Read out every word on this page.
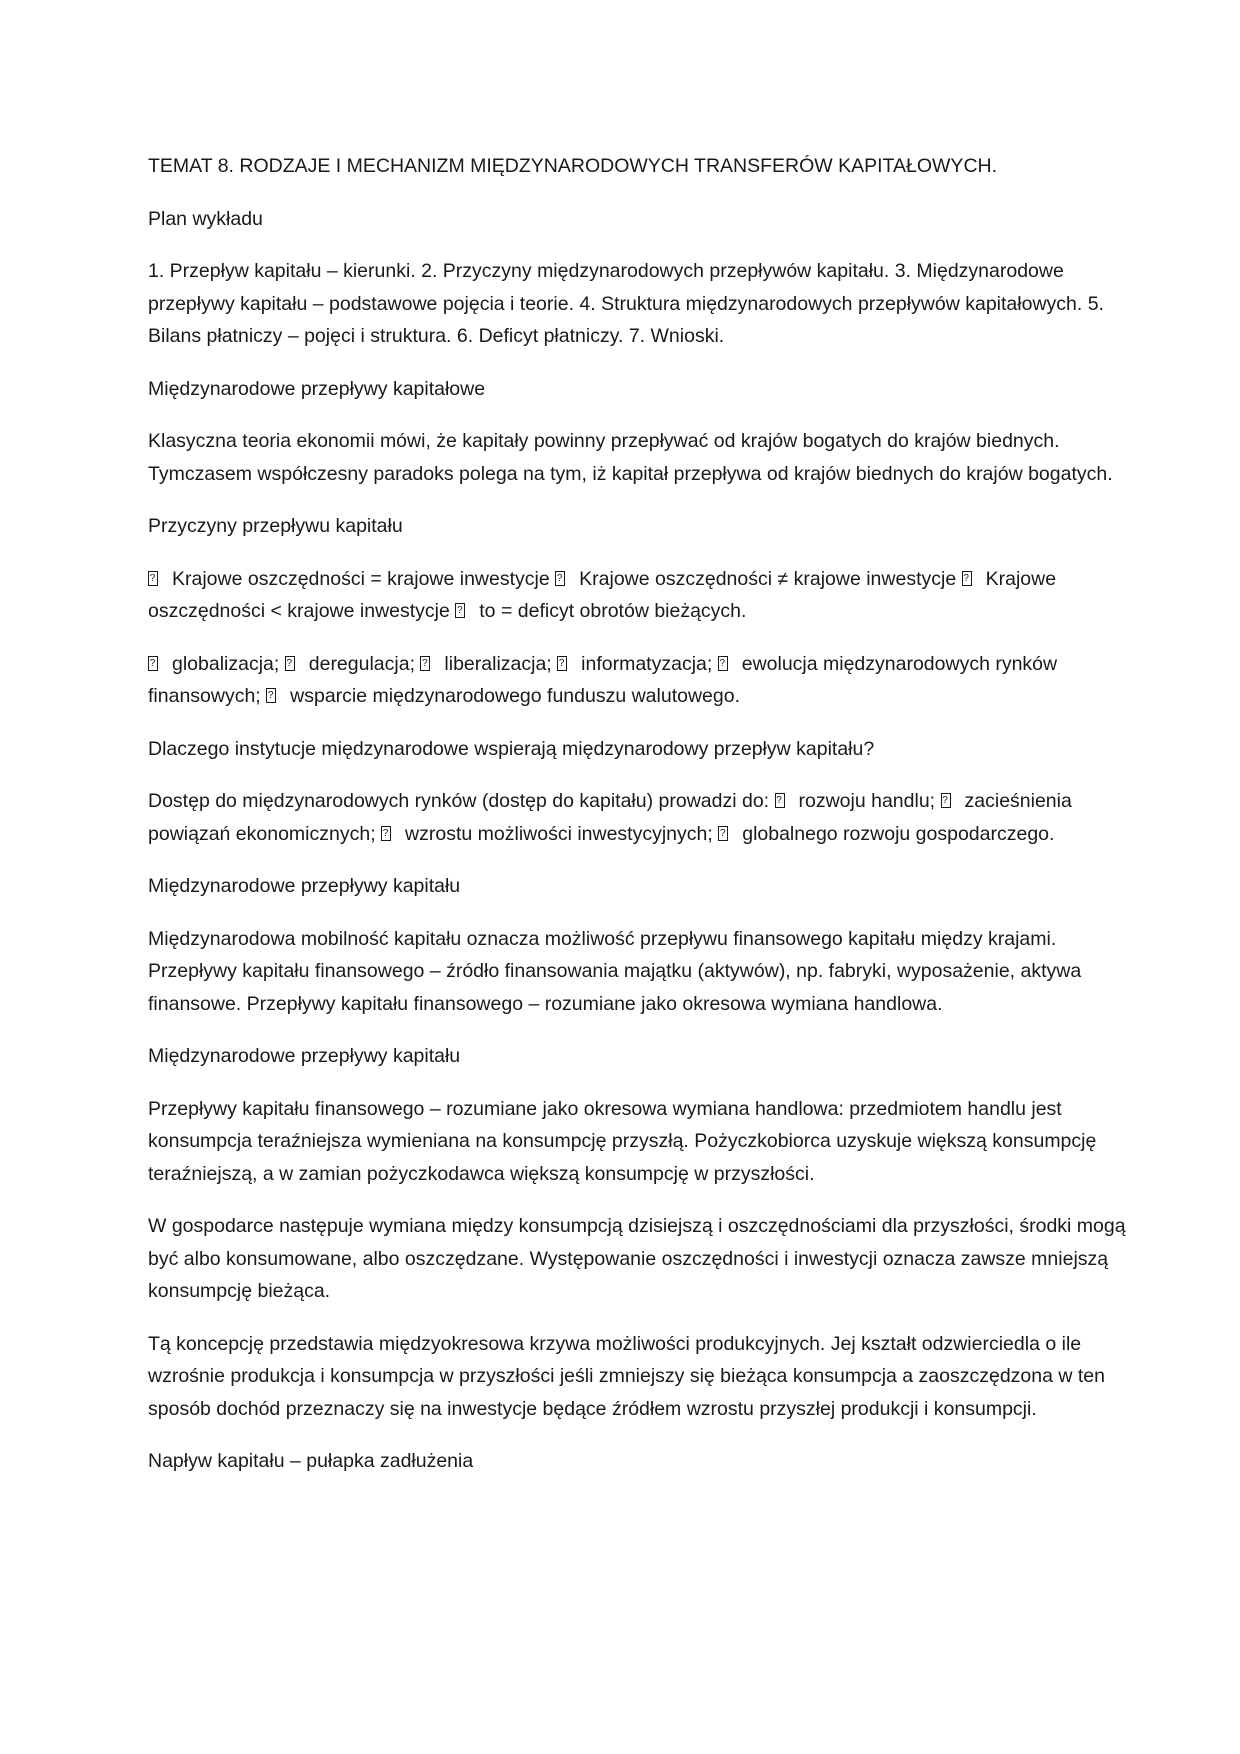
TEMAT 8. RODZAJE I MECHANIZM MIĘDZYNARODOWYCH TRANSFERÓW KAPITAŁOWYCH.

Plan wykładu

1. Przepływ kapitału – kierunki. 2. Przyczyny międzynarodowych przepływów kapitału. 3. Międzynarodowe przepływy kapitału – podstawowe pojęcia i teorie. 4. Struktura międzynarodowych przepływów kapitałowych. 5. Bilans płatniczy – pojęci i struktura. 6. Deficyt płatniczy. 7. Wnioski.

Międzynarodowe przepływy kapitałowe

Klasyczna teoria ekonomii mówi, że kapitały powinny przepływać od krajów bogatych do krajów biednych. Tymczasem współczesny paradoks polega na tym, iż kapitał przepływa od krajów biednych do krajów bogatych.

Przyczyny przepływu kapitału

?Krajowe oszczędności = krajowe inwestycje ? Krajowe oszczędności ≠ krajowe inwestycje ? Krajowe oszczędności < krajowe inwestycje ? to = deficyt obrotów bieżących.

?globalizacja; ? deregulacja; ? liberalizacja; ? informatyzacja; ? ewolucja międzynarodowych rynków finansowych; ? wsparcie międzynarodowego funduszu walutowego.

Dlaczego instytucje międzynarodowe wspierają międzynarodowy przepływ kapitału?

Dostęp do międzynarodowych rynków (dostęp do kapitału) prowadzi do: ? rozwoju handlu; ? zacieśnienia powiązań ekonomicznych; ? wzrostu możliwości inwestycyjnych; ? globalnego rozwoju gospodarczego.

Międzynarodowe przepływy kapitału

Międzynarodowa mobilność kapitału oznacza możliwość przepływu finansowego kapitału między krajami. Przepływy kapitału finansowego – źródło finansowania majątku (aktywów), np. fabryki, wyposażenie, aktywa finansowe. Przepływy kapitału finansowego – rozumiane jako okresowa wymiana handlowa.

Międzynarodowe przepływy kapitału

Przepływy kapitału finansowego – rozumiane jako okresowa wymiana handlowa: przedmiotem handlu jest konsumpcja teraźniejsza wymieniana na konsumpcję przyszłą. Pożyczkobiorca uzyskuje większą konsumpcję teraźniejszą, a w zamian pożyczkodawca większą konsumpcję w przyszłości.

W gospodarce następuje wymiana między konsumpcją dzisiejszą i oszczędnościami dla przyszłości, środki mogą być albo konsumowane, albo oszczędzane. Występowanie oszczędności i inwestycji oznacza zawsze mniejszą konsumpcję bieżąca.

Tą koncepcję przedstawia międzyokresowa krzywa możliwości produkcyjnych. Jej kształt odzwierciedla o ile wzrośnie produkcja i konsumpcja w przyszłości jeśli zmniejszy się bieżąca konsumpcja a zaoszczędzona w ten sposób dochód przeznaczy się na inwestycje będące źródłem wzrostu przyszłej produkcji i konsumpcji.

Napływ kapitału – pułapka zadłużenia
